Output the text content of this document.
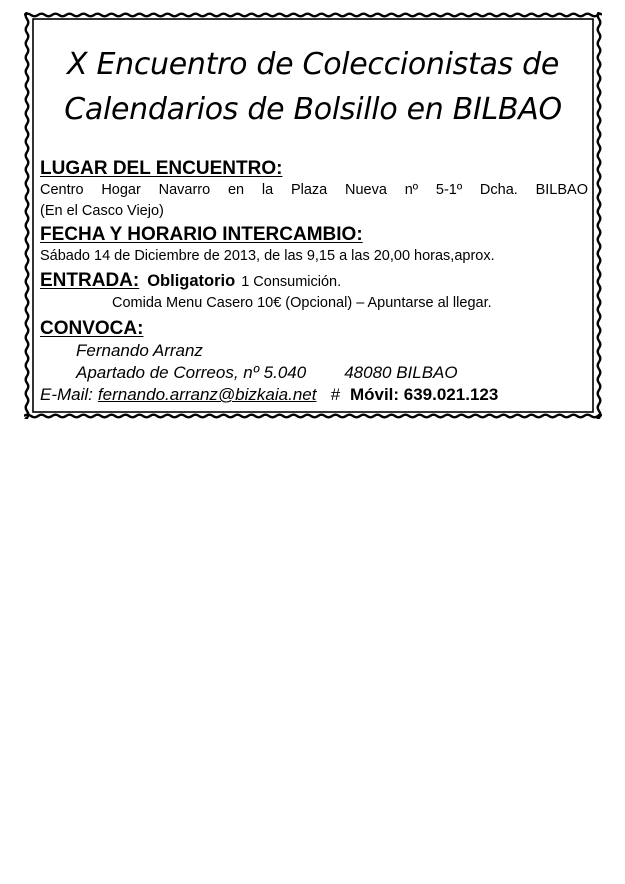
X Encuentro de Coleccionistas de
Calendarios de Bolsillo en BILBAO
LUGAR DEL ENCUENTRO:
Centro Hogar Navarro en la Plaza Nueva nº 5-1º Dcha. BILBAO
(En el Casco Viejo)
FECHA Y HORARIO INTERCAMBIO:
Sábado 14 de Diciembre de 2013, de las 9,15 a las 20,00 horas,aprox.
ENTRADA: Obligatorio 1 Consumición.
Comida Menu Casero 10€ (Opcional) – Apuntarse al llegar.
CONVOCA:
Fernando Arranz
Apartado de Correos, nº 5.040 48080 BILBAO
E-Mail: fernando.arranz@bizkaia.net # Móvil: 639.021.123
